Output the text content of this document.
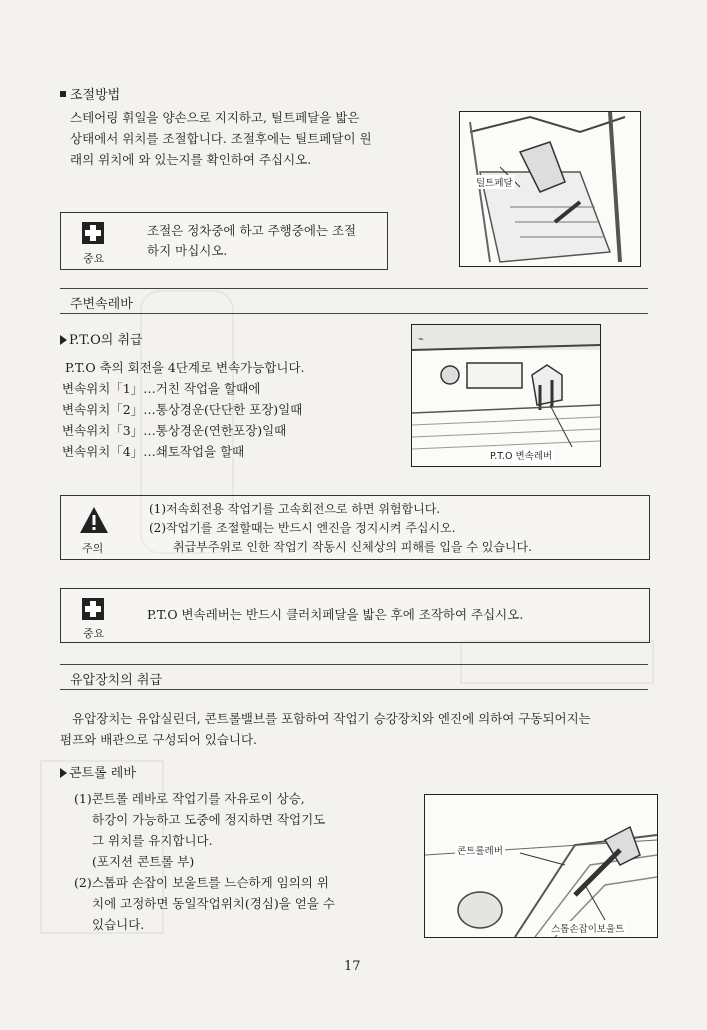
조절방법
스테어링 휘일을 양손으로 지지하고, 틸트페달을 밟은
상태에서 위치를 조절합니다. 조절후에는 틸트페달이 원
래의 위치에 와 있는지를 확인하여 주십시오.
틸트페달
중요
조절은 정차중에 하고 주행중에는 조절
하지 마십시오.
주변속레바
P.T.O의 취급
P.T.O 축의 회전을 4단계로 변속가능합니다.
변속위치「1」…거친 작업을 할때에
변속위치「2」…통상경운(단단한 포장)일때
변속위치「3」…통상경운(연한포장)일때
변속위치「4」…쇄토작업을 할때
⌁
P.T.O 변속레버
주의
(1)저속회전용 작업기를 고속회전으로 하면 위험합니다.
(2)작업기를 조절할때는 반드시 엔진을 정지시켜 주십시오.
취급부주위로 인한 작업기 작동시 신체상의 피해를 입을 수 있습니다.
중요
P.T.O 변속레버는 반드시 클러치페달을 밟은 후에 조작하여 주십시오.
유압장치의 취급
유압장치는 유압실린더, 콘트롤밸브를 포함하여 작업기 승강장치와 엔진에 의하여 구동되어지는
펌프와 배관으로 구성되어 있습니다.
콘트롤 레바
(1)콘트롤 레바로 작업기를 자유로이 상승,
하강이 가능하고 도중에 정지하면 작업기도
그 위치를 유지합니다.
(포지션 콘트롤 부)
(2)스톱파 손잡이 보울트를 느슨하게 임의의 위
치에 고정하면 동일작업위치(경심)을 얻을 수
있습니다.
콘트롤레버
스톱손잡이보울트
17
